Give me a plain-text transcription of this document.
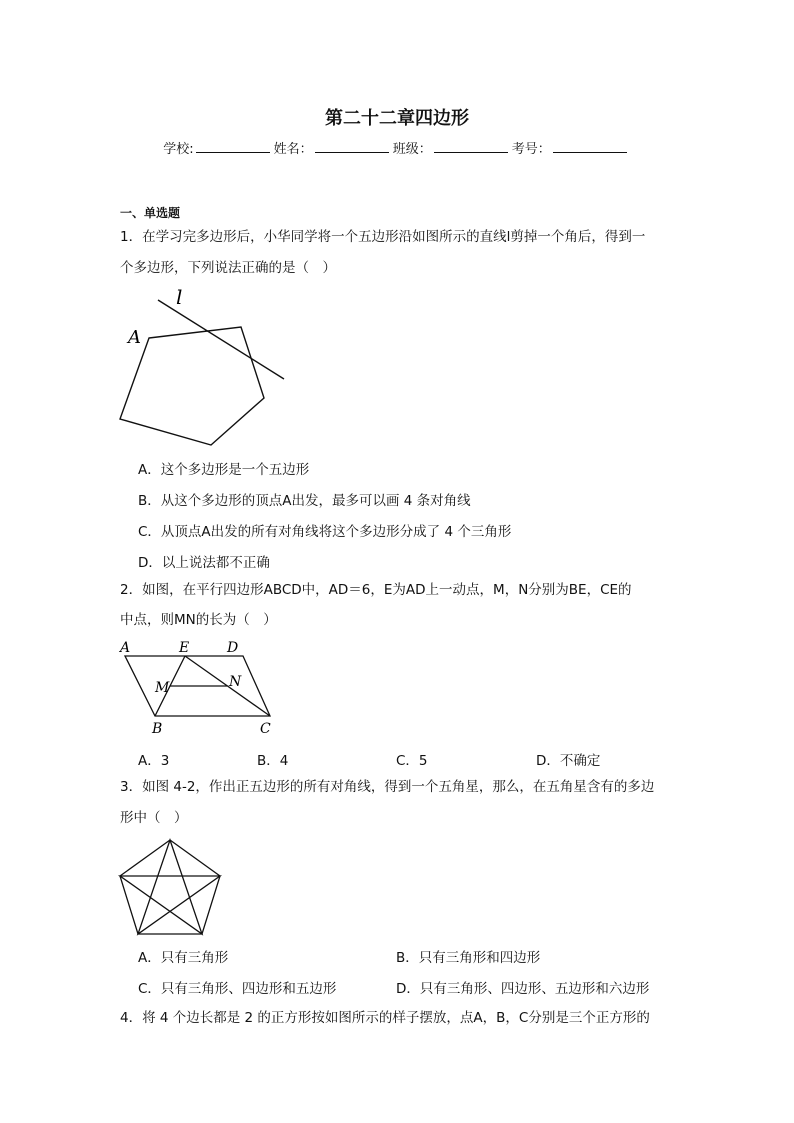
第二十二章四边形
学校:	姓名：	班级：	考号：
一、单选题
1．在学习完多边形后，小华同学将一个五边形沿如图所示的直线l剪掉一个角后，得到一
个多边形，下列说法正确的是（　）
l
A
A．这个多边形是一个五边形
B．从这个多边形的顶点A出发，最多可以画 4 条对角线
C．从顶点A出发的所有对角线将这个多边形分成了 4 个三角形
D．以上说法都不正确
2．如图，在平行四边形ABCD中，AD＝6，E为AD上一动点，M，N分别为BE，CE的
中点，则MN的长为（　）
A	E	D
M	N
B	C
A．3	B．4	C．5	D．不确定
3．如图 4-2，作出正五边形的所有对角线，得到一个五角星，那么，在五角星含有的多边
形中（　）
A．只有三角形	B．只有三角形和四边形
C．只有三角形、四边形和五边形	D．只有三角形、四边形、五边形和六边形
4．将 4 个边长都是 2 的正方形按如图所示的样子摆放，点A，B，C分别是三个正方形的
